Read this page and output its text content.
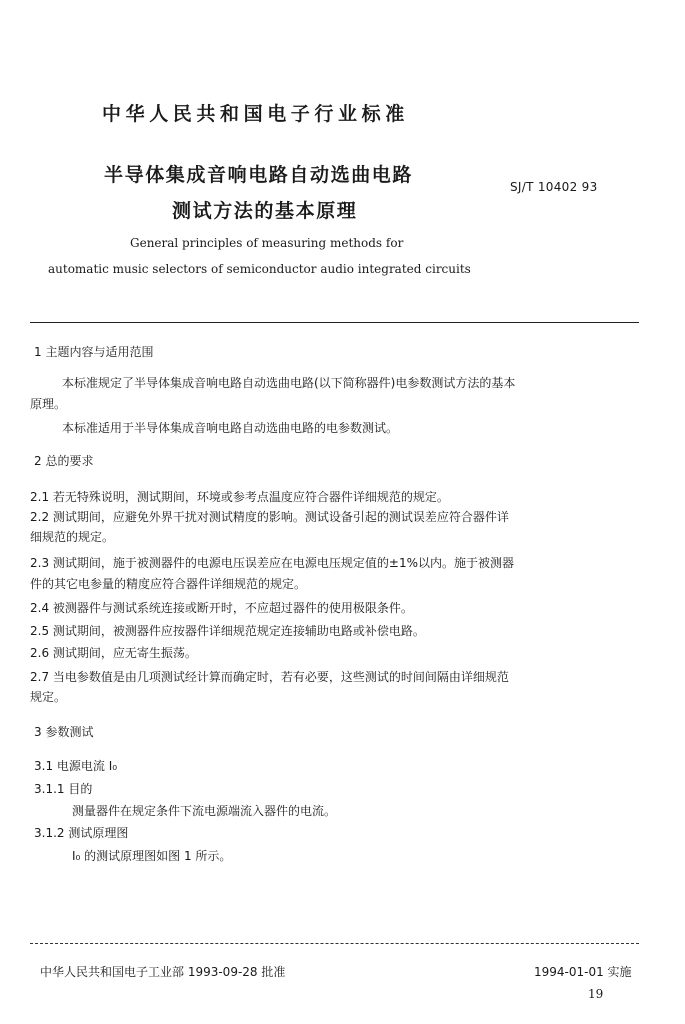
中华人民共和国电子行业标准
半导体集成音响电路自动选曲电路
测试方法的基本原理
SJ/T 10402 93
General principles of measuring methods for
automatic music selectors of semiconductor audio integrated circuits
1 主题内容与适用范围

本标准规定了半导体集成音响电路自动选曲电路(以下简称器件)电参数测试方法的基本

原理。

本标准适用于半导体集成音响电路自动选曲电路的电参数测试。

2 总的要求

2.1 若无特殊说明，测试期间，环境或参考点温度应符合器件详细规范的规定。

2.2 测试期间，应避免外界干扰对测试精度的影响。测试设备引起的测试误差应符合器件详

细规范的规定。

2.3 测试期间，施于被测器件的电源电压误差应在电源电压规定值的±1%以内。施于被测器

件的其它电参量的精度应符合器件详细规范的规定。

2.4 被测器件与测试系统连接或断开时，不应超过器件的使用极限条件。

2.5 测试期间，被测器件应按器件详细规范规定连接辅助电路或补偿电路。

2.6 测试期间，应无寄生振荡。

2.7 当电参数值是由几项测试经计算而确定时，若有必要，这些测试的时间间隔由详细规范

规定。

3 参数测试

3.1 电源电流 I₀

3.1.1 目的

测量器件在规定条件下流电源端流入器件的电流。

3.1.2 测试原理图

I₀ 的测试原理图如图 1 所示。

中华人民共和国电子工业部 1993-09-28 批准	1994-01-01 实施
19
